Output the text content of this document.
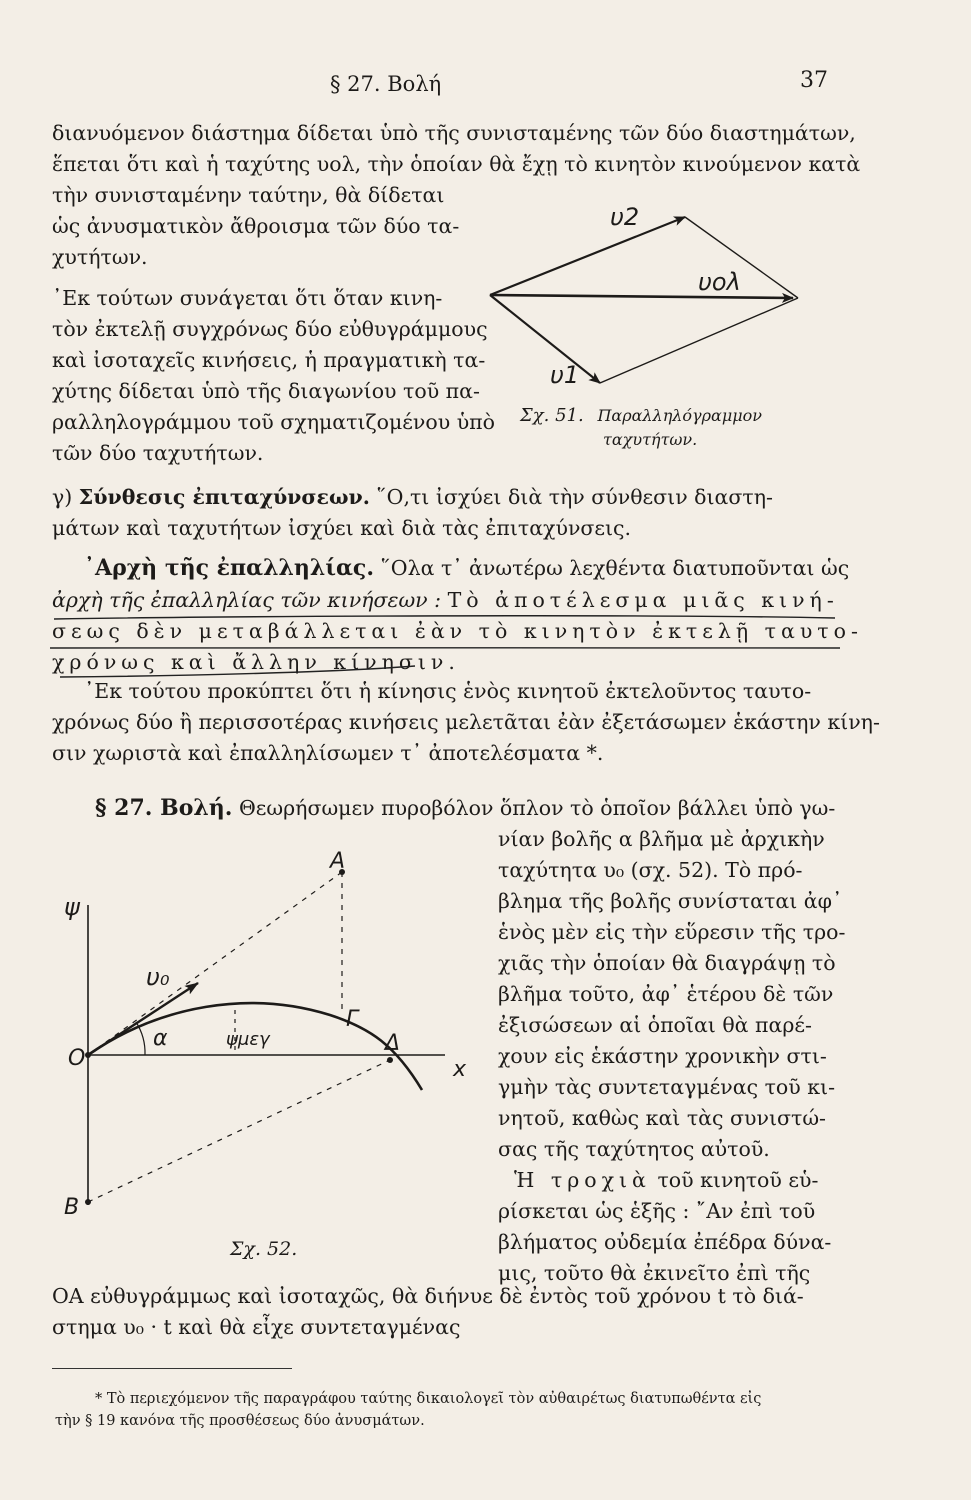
§ 27. Βολή	37
διανυόμενον διάστημα δίδεται ὑπὸ τῆς συνισταμένης τῶν δύο διαστημάτων,
ἕπεται ὅτι καὶ ἡ ταχύτης υολ, τὴν ὁποίαν θὰ ἔχῃ τὸ κινητὸν κινούμενον κατὰ
τὴν συνισταμένην ταύτην, θὰ δίδεται
ὡς ἀνυσματικὸν ἄθροισμα τῶν δύο τα-
χυτήτων.
᾿Εκ τούτων συνάγεται ὅτι ὅταν κινη-
τὸν ἐκτελῇ συγχρόνως δύο εὐθυγράμμους
καὶ ἰσοταχεῖς κινήσεις, ἡ πραγματικὴ τα-
χύτης δίδεται ὑπὸ τῆς διαγωνίου τοῦ πα-
ραλληλογράμμου τοῦ σχηματιζομένου ὑπὸ
τῶν δύο ταχυτήτων.
υ2
υολ
υ1
Σχ. 51. Παραλληλόγραμμον
ταχυτήτων.
γ) Σύνθεσις ἐπιταχύνσεων. ῞Ο,τι ἰσχύει διὰ τὴν σύνθεσιν διαστη-
μάτων καὶ ταχυτήτων ἰσχύει καὶ διὰ τὰς ἐπιταχύνσεις.
᾿Αρχὴ τῆς ἐπαλληλίας. ῞Ολα τ᾿ ἀνωτέρω λεχθέντα διατυποῦνται ὡς
ἀρχὴ τῆς ἐπαλληλίας τῶν κινήσεων : Τὸ ἀποτέλεσμα μιᾶς κινή-
σεως δὲν μεταβάλλεται ἐὰν τὸ κινητὸν ἐκτελῇ ταυτο-
χρόνως καὶ ἄλλην κίνησιν.
᾿Εκ τούτου προκύπτει ὅτι ἡ κίνησις ἑνὸς κινητοῦ ἐκτελοῦντος ταυτο-
χρόνως δύο ἢ περισσοτέρας κινήσεις μελετᾶται ἐὰν ἐξετάσωμεν ἑκάστην κίνη-
σιν χωριστὰ καὶ ἐπαλληλίσωμεν τ᾿ ἀποτελέσματα *.
§ 27. Βολή. Θεωρήσωμεν πυροβόλον ὅπλον τὸ ὁποῖον βάλλει ὑπὸ γω-
νίαν βολῆς α βλῆμα μὲ ἀρχικὴν
ταχύτητα υ₀ (σχ. 52). Τὸ πρό-
βλημα τῆς βολῆς συνίσταται ἀφ᾿
ἑνὸς μὲν εἰς τὴν εὕρεσιν τῆς τρο-
χιᾶς τὴν ὁποίαν θὰ διαγράψῃ τὸ
βλῆμα τοῦτο, ἀφ᾿ ἑτέρου δὲ τῶν
ἐξισώσεων αἱ ὁποῖαι θὰ παρέ-
χουν εἰς ἑκάστην χρονικὴν στι-
γμὴν τὰς συντεταγμένας τοῦ κι-
νητοῦ, καθὼς καὶ τὰς συνιστώ-
σας τῆς ταχύτητος αὐτοῦ.
Ἡ τροχιὰ τοῦ κινητοῦ εὑ-
ρίσκεται ὡς ἑξῆς : ῎Αν ἐπὶ τοῦ
βλήματος οὐδεμία ἐπέδρα δύνα-
μις, τοῦτο θὰ ἐκινεῖτο ἐπὶ τῆς
ψ
Α
υ₀
α
Γ
ψμεγ
O
Δ
x
B
Σχ. 52.
ΟΑ εὐθυγράμμως καὶ ἰσοταχῶς, θὰ διήνυε δὲ ἐντὸς τοῦ χρόνου t τὸ διά-
στημα υ₀ · t καὶ θὰ εἶχε συντεταγμένας
* Τὸ περιεχόμενον τῆς παραγράφου ταύτης δικαιολογεῖ τὸν αὐθαιρέτως διατυπωθέντα εἰς
τὴν § 19 κανόνα τῆς προσθέσεως δύο ἀνυσμάτων.
